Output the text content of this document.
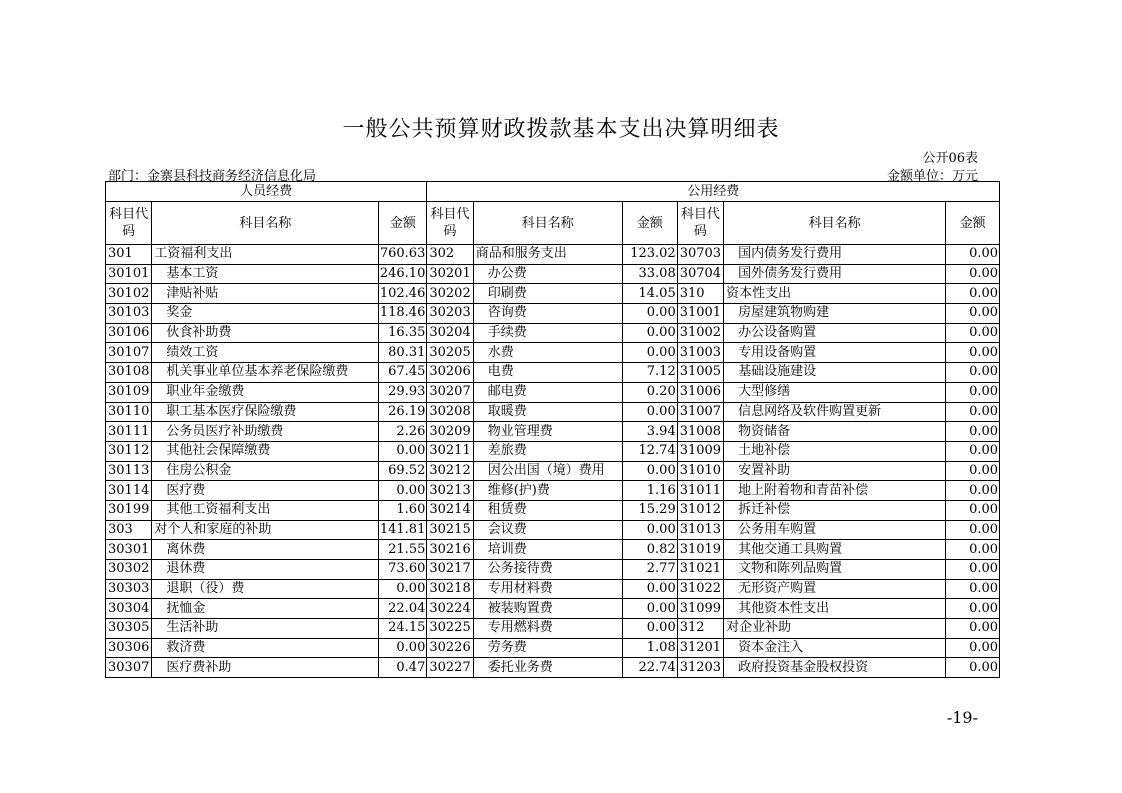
一般公共预算财政拨款基本支出决算明细表
公开06表
部门：金寨县科技商务经济信息化局	金额单位：万元
人员经费			公用经费					
科目代码	科目名称	金额	科目代码	科目名称	金额	科目代码	科目名称	金额
301	工资福利支出	760.63	302	商品和服务支出	123.02	30703	国内债务发行费用	0.00
30101	基本工资	246.10	30201	办公费	33.08	30704	国外债务发行费用	0.00
30102	津贴补贴	102.46	30202	印刷费	14.05	310	资本性支出	0.00
30103	奖金	118.46	30203	咨询费	0.00	31001	房屋建筑物购建	0.00
30106	伙食补助费	16.35	30204	手续费	0.00	31002	办公设备购置	0.00
30107	绩效工资	80.31	30205	水费	0.00	31003	专用设备购置	0.00
30108	机关事业单位基本养老保险缴费	67.45	30206	电费	7.12	31005	基础设施建设	0.00
30109	职业年金缴费	29.93	30207	邮电费	0.20	31006	大型修缮	0.00
30110	职工基本医疗保险缴费	26.19	30208	取暖费	0.00	31007	信息网络及软件购置更新	0.00
30111	公务员医疗补助缴费	2.26	30209	物业管理费	3.94	31008	物资储备	0.00
30112	其他社会保障缴费	0.00	30211	差旅费	12.74	31009	土地补偿	0.00
30113	住房公积金	69.52	30212	因公出国（境）费用	0.00	31010	安置补助	0.00
30114	医疗费	0.00	30213	维修(护)费	1.16	31011	地上附着物和青苗补偿	0.00
30199	其他工资福利支出	1.60	30214	租赁费	15.29	31012	拆迁补偿	0.00
303	对个人和家庭的补助	141.81	30215	会议费	0.00	31013	公务用车购置	0.00
30301	离休费	21.55	30216	培训费	0.82	31019	其他交通工具购置	0.00
30302	退休费	73.60	30217	公务接待费	2.77	31021	文物和陈列品购置	0.00
30303	退职（役）费	0.00	30218	专用材料费	0.00	31022	无形资产购置	0.00
30304	抚恤金	22.04	30224	被装购置费	0.00	31099	其他资本性支出	0.00
30305	生活补助	24.15	30225	专用燃料费	0.00	312	对企业补助	0.00
30306	救济费	0.00	30226	劳务费	1.08	31201	资本金注入	0.00
30307	医疗费补助	0.47	30227	委托业务费	22.74	31203	政府投资基金股权投资	0.00
-19-
